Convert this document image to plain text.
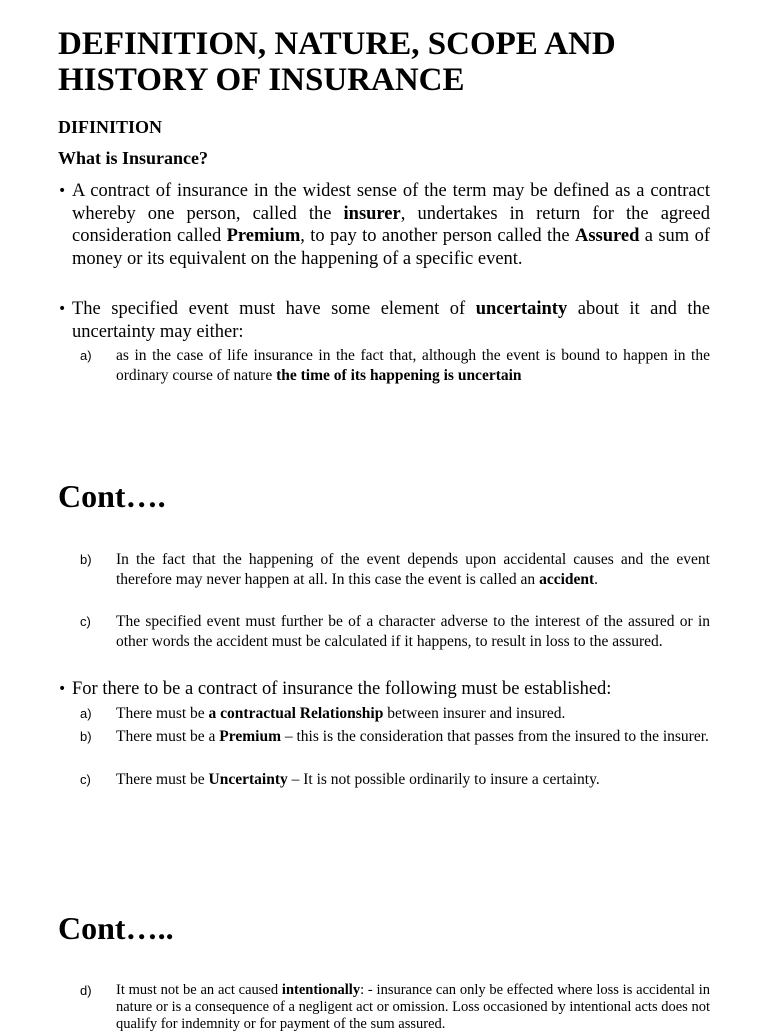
DEFINITION, NATURE, SCOPE AND HISTORY OF INSURANCE
DIFINITION
What is Insurance?
• A contract of insurance in the widest sense of the term may be defined as a contract whereby one person, called the insurer, undertakes in return for the agreed consideration called Premium, to pay to another person called the Assured a sum of money or its equivalent on the happening of a specific event.
• The specified event must have some element of uncertainty about it and the uncertainty may either:
a)	as in the case of life insurance in the fact that, although the event is bound to happen in the ordinary course of nature the time of its happening is uncertain
Cont….
b)	In the fact that the happening of the event depends upon accidental causes and the event therefore may never happen at all. In this case the event is called an accident.
c)	The specified event must further be of a character adverse to the interest of the assured or in other words the accident must be calculated if it happens, to result in loss to the assured.
• For there to be a contract of insurance the following must be established:
a)	There must be a contractual Relationship between insurer and insured.
b)	There must be a Premium – this is the consideration that passes from the insured to the insurer.
c)	There must be Uncertainty – It is not possible ordinarily to insure a certainty.
Cont…..
d)	It must not be an act caused intentionally: - insurance can only be effected where loss is accidental in nature or is a consequence of a negligent act or omission. Loss occasioned by intentional acts does not qualify for indemnity or for payment of the sum assured.
